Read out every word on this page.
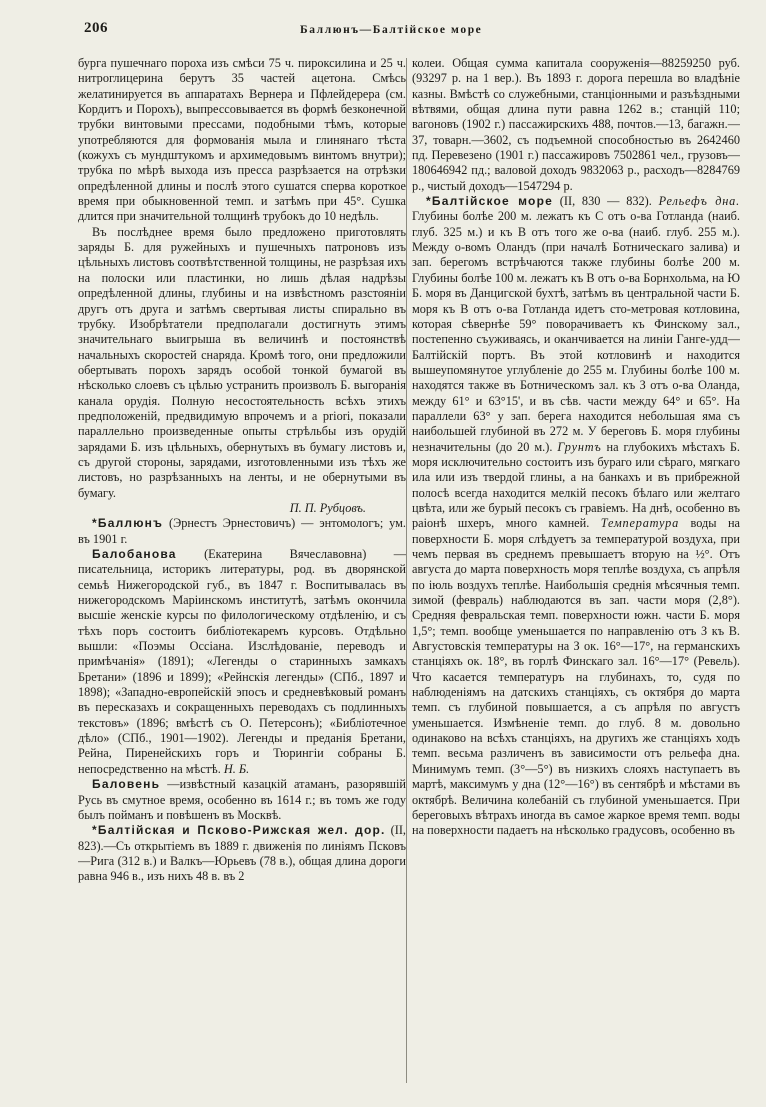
206	Баллюнъ—Балтійское море

бурга пушечнаго пороха изъ смѣси 75 ч. пироксилина и 25 ч. нитроглицерина берутъ 35 частей ацетона. Смѣсь желатинируется въ аппаратахъ Вернера и Пфлейдерера (см. Кордитъ и Порохъ), выпрессовывается въ формѣ безконечной трубки винтовыми прессами, подобными тѣмъ, которые употребляются для формованія мыла и глинянаго тѣста (кожухъ съ мундштукомъ и архимедовымъ винтомъ внутри); трубка по мѣрѣ выхода изъ пресса разрѣзается на отрѣзки опредѣленной длины и послѣ этого сушатся сперва короткое время при обыкновенной темп. и затѣмъ при 45°. Сушка длится при значительной толщинѣ трубокъ до 10 недѣль.

Въ послѣднее время было предложено приготовлять заряды Б. для ружейныхъ и пушечныхъ патроновъ изъ цѣльныхъ листовъ соотвѣтственной толщины, не разрѣзая ихъ на полоски или пластинки, но лишь дѣлая надрѣзы опредѣленной длины, глубины и на извѣстномъ разстояніи другъ отъ друга и затѣмъ свертывая листы спирально въ трубку. Изобрѣтатели предполагали достигнуть этимъ значительнаго выигрыша въ величинѣ и постоянствѣ начальныхъ скоростей снаряда. Кромѣ того, они предложили обертывать порохъ зарядъ особой тонкой бумагой въ нѣсколько слоевъ съ цѣлью устранить произволъ Б. выгоранія канала орудія. Полную несостоятельность всѣхъ этихъ предположеній, предвидимую впрочемъ и а priori, показали параллельно произведенные опыты стрѣльбы изъ орудій зарядами Б. изъ цѣльныхъ, обернутыхъ въ бумагу листовъ и, съ другой стороны, зарядами, изготовленными изъ тѣхъ же листовъ, но разрѣзанныхъ на ленты, и не обернутыми въ бумагу.

П. П. Рубцовъ.

*Баллюнъ (Эрнестъ Эрнестовичъ) — энтомологъ; ум. въ 1901 г.

Балобанова (Екатерина Вячеславовна) —писательница, историкъ литературы, род. въ дворянской семьѣ Нижегородской губ., въ 1847 г. Воспитывалась въ нижегородскомъ Маріинскомъ институтѣ, затѣмъ окончила высшіе женскіе курсы по филологическому отдѣленію, и съ тѣхъ поръ состоитъ библіотекаремъ курсовъ. Отдѣльно вышли: «Поэмы Оссіана. Изслѣдованіе, переводъ и примѣчанія» (1891); «Легенды о старинныхъ замкахъ Бретани» (1896 и 1899); «Рейнскія легенды» (СПб., 1897 и 1898); «Западно-европейскій эпосъ и средневѣковый романъ въ пересказахъ и сокращенныхъ переводахъ съ подлинныхъ текстовъ» (1896; вмѣстѣ съ О. Петерсонъ); «Библіотечное дѣло» (СПб., 1901—1902). Легенды и преданія Бретани, Рейна, Пиренейскихъ горъ и Тюрингіи собраны Б. непосредственно на мѣстѣ. Н. Б.

Баловень —извѣстный казацкій атаманъ, разорявшій Русь въ смутное время, особенно въ 1614 г.; въ томъ же году былъ пойманъ и повѣшенъ въ Москвѣ.

*Балтійская и Псково-Рижская жел. дор. (II, 823).—Съ открытіемъ въ 1889 г. движенія по линіямъ Псковъ—Рига (312 в.) и Валкъ—Юрьевъ (78 в.), общая длина дороги равна 946 в., изъ нихъ 48 в. въ 2

колеи. Общая сумма капитала сооруженія—88259250 руб. (93297 р. на 1 вер.). Въ 1893 г. дорога перешла во владѣніе казны. Вмѣстѣ со служебными, станціонными и разъѣздными вѣтвями, общая длина пути равна 1262 в.; станцій 110; вагоновъ (1902 г.) пассажирскихъ 488, почтов.—13, багажн.—37, товарн.—3602, съ подъемной способностью въ 2642460 пд. Перевезено (1901 г.) пассажировъ 7502861 чел., грузовъ—180646942 пд.; валовой доходъ 9832063 р., расходъ—8284769 р., чистый доходъ—1547294 р.

*Балтійское море (II, 830 — 832). Рельефъ дна. Глубины болѣе 200 м. лежатъ къ С отъ о-ва Готланда (наиб. глуб. 325 м.) и къ В отъ того же о-ва (наиб. глуб. 255 м.). Между о-вомъ Оландъ (при началѣ Ботническаго залива) и зап. берегомъ встрѣчаются также глубины болѣе 200 м. Глубины болѣе 100 м. лежатъ къ В отъ о-ва Борнхольма, на Ю Б. моря въ Данцигской бухтѣ, затѣмъ въ центральной части Б. моря къ В отъ о-ва Готланда идетъ сто-метровая котловина, которая сѣвернѣе 59° поворачиваетъ къ Финскому зал., постепенно съуживаясь, и оканчивается на линіи Ганге-удд—Балтійскій портъ. Въ этой котловинѣ и находится вышеупомянутое углубленіе до 255 м. Глубины болѣе 100 м. находятся также въ Ботническомъ зал. къ З отъ о-ва Оланда, между 61° и 63°15', и въ сѣв. части между 64° и 65°. На параллели 63° у зап. берега находится небольшая яма съ наибольшей глубиной въ 272 м. У береговъ Б. моря глубины незначительны (до 20 м.). Грунтъ на глубокихъ мѣстахъ Б. моря исключительно состоитъ изъ бураго или сѣраго, мягкаго ила или изъ твердой глины, а на банкахъ и въ прибрежной полосѣ всегда находится мелкій песокъ бѣлаго или желтаго цвѣта, или же бурый песокъ съ гравіемъ. На днѣ, особенно въ раіонѣ шхеръ, много камней. Температура воды на поверхности Б. моря слѣдуетъ за температурой воздуха, при чемъ первая въ среднемъ превышаетъ вторую на ½°. Отъ августа до марта поверхность моря теплѣе воздуха, съ апрѣля по іюль воздухъ теплѣе. Наибольшія среднія мѣсячныя темп. зимой (февраль) наблюдаются въ зап. части моря (2,8°). Средняя февральская темп. поверхности южн. части Б. моря 1,5°; темп. вообще уменьшается по направленію отъ З къ В. Августовскія температуры на З ок. 16°—17°, на германскихъ станціяхъ ок. 18°, въ горлѣ Финскаго зал. 16°—17° (Ревель). Что касается температуръ на глубинахъ, то, судя по наблюденіямъ на датскихъ станціяхъ, съ октября до марта темп. съ глубиной повышается, а съ апрѣля по августъ уменьшается. Измѣненіе темп. до глуб. 8 м. довольно одинаково на всѣхъ станціяхъ, на другихъ же станціяхъ ходъ темп. весьма различенъ въ зависимости отъ рельефа дна. Минимумъ темп. (3°—5°) въ низкихъ слояхъ наступаетъ въ мартѣ, максимумъ у дна (12°—16°) въ сентябрѣ и мѣстами въ октябрѣ. Величина колебаній съ глубиной уменьшается. При береговыхъ вѣтрахъ иногда въ самое жаркое время темп. воды на поверхности падаетъ на нѣсколько градусовъ, особенно въ
